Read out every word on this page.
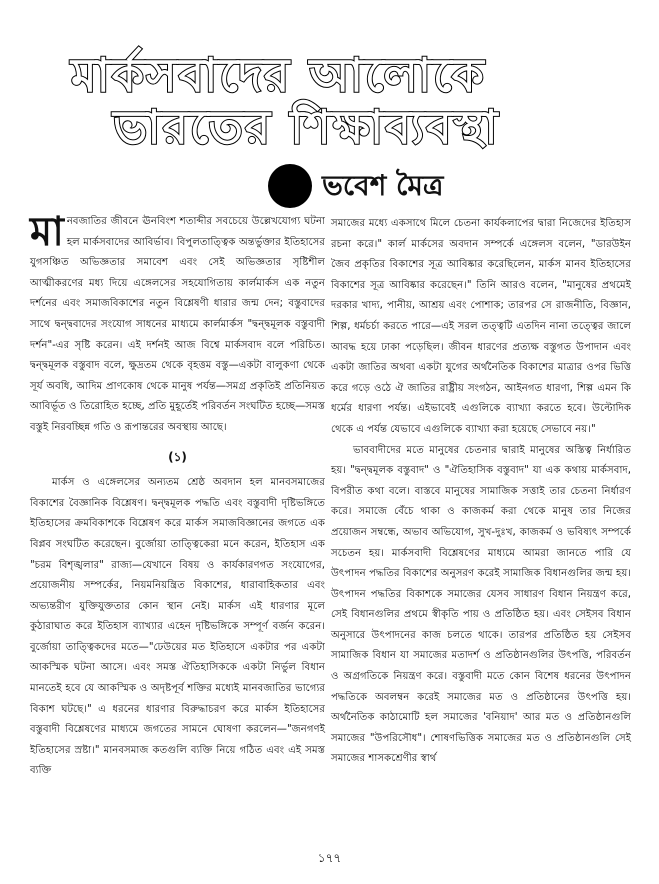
মার্কসবাদের আলোকে
ভারতের শিক্ষাব্যবস্থা
ভবেশ মৈত্র

মানবজাতির জীবনে ঊনবিংশ শতাব্দীর সবচেয়ে উল্লেখযোগ্য ঘটনা হল মার্কসবাদের আবির্ভাব। বিপুলতাত্ত্বিক অন্তর্ভুক্তার ইতিহাসের যুগসঞ্চিত অভিজ্ঞতার সমাবেশ এবং সেই অভিজ্ঞতার সৃষ্টিশীল আত্মীকরণের মধ্য দিয়ে এঙ্গেলসের সহযোগিতায় কার্লমার্কস এক নতুন দর্শনের এবং সমাজবিকাশের নতুন বিশ্লেষণী ধারার জন্ম দেন; বস্তুবাদের সাথে দ্বন্দ্ববাদের সংযোগ সাধনের মাধ্যমে কার্লমার্কস "দ্বন্দ্বমূলক বস্তুবাদী দর্শন"-এর সৃষ্টি করেন। এই দর্শনই আজ বিশ্বে মার্কসবাদ বলে পরিচিত। দ্বন্দ্বমূলক বস্তুবাদ বলে, ক্ষুদ্রতম থেকে বৃহত্তম বস্তু—একটা বালুকণা থেকে সূর্য অবধি, আদিম প্রাণকোষ থেকে মানুষ পর্যন্ত—সমগ্র প্রকৃতিই প্রতিনিয়ত আবির্ভূত ও তিরোহিত হচ্ছে, প্রতি মুহূর্তেই পরিবর্তন সংঘটিত হচ্ছে—সমস্ত বস্তুই নিরবচ্ছিন্ন গতি ও রূপান্তরের অবস্থায় আছে।

(১)

মার্কস ও এঙ্গেলসের অন্যতম শ্রেষ্ঠ অবদান হল মানবসমাজের বিকাশের বৈজ্ঞানিক বিশ্লেষণ। দ্বন্দ্বমূলক পদ্ধতি এবং বস্তুবাদী দৃষ্টিভঙ্গিতে ইতিহাসের ক্রমবিকাশকে বিশ্লেষণ করে মার্কস সমাজবিজ্ঞানের জগতে এক বিপ্লব সংঘটিত করেছেন। বুর্জোয়া তাত্ত্বিকেরা মনে করেন, ইতিহাস এক "চরম বিশৃঙ্খলার" রাজ্য—যেখানে বিষয় ও কার্যকারণগত সংযোগের, প্রয়োজনীয় সম্পর্কের, নিয়মনিয়ন্ত্রিত বিকাশের, ধারাবাহিকতার এবং অভ্যন্তরীণ যুক্তিযুক্ততার কোন স্থান নেই। মার্কস এই ধারণার মূলে কুঠারাঘাত করে ইতিহাস ব্যাখ্যার এহেন দৃষ্টিভঙ্গিকে সম্পূর্ণ বর্জন করেন। বুর্জোয়া তাত্ত্বিকদের মতে—"ঢেউয়ের মত ইতিহাসে একটার পর একটা আকস্মিক ঘটনা আসে। এবং সমস্ত ঐতিহাসিককে একটা নির্ভুল বিধান মানতেই হবে যে আকস্মিক ও অদৃষ্টপূর্ব শক্তির মধ্যেই মানবজাতির ভাগ্যের বিকাশ ঘটছে।" এ ধরনের ধারণার বিরুদ্ধাচরণ করে মার্কস ইতিহাসের বস্তুবাদী বিশ্লেষণের মাধ্যমে জগতের সামনে ঘোষণা করলেন—"জনগণই ইতিহাসের স্রষ্টা।" মানবসমাজ কতগুলি ব্যক্তি নিয়ে গঠিত এবং এই সমস্ত ব্যক্তি

সমাজের মধ্যে একসাথে মিলে চেতনা কার্যকলাপের দ্বারা নিজেদের ইতিহাস রচনা করে।" কার্ল মার্কসের অবদান সম্পর্কে এঙ্গেলস বলেন, "ডারউইন জৈব প্রকৃতির বিকাশের সূত্র আবিষ্কার করেছিলেন, মার্কস মানব ইতিহাসের বিকাশের সূত্র আবিষ্কার করেছেন।" তিনি আরও বলেন, "মানুষের প্রথমেই দরকার খাদ্য, পানীয়, আশ্রয় এবং পোশাক; তারপর সে রাজনীতি, বিজ্ঞান, শিল্প, ধর্মচর্চা করতে পারে—এই সরল তত্ত্বটি এতদিন নানা তত্ত্বের জালে আবদ্ধ হয়ে ঢাকা পড়েছিল। জীবন ধারণের প্রত্যক্ষ বস্তুগত উপাদান এবং একটা জাতির অথবা একটা যুগের অর্থনৈতিক বিকাশের মাত্রার ওপর ভিত্তি করে গড়ে ওঠে ঐ জাতির রাষ্ট্রীয় সংগঠন, আইনগত ধারণা, শিল্প এমন কি ধর্মের ধারণা পর্যন্ত। এইভাবেই এগুলিকে ব্যাখ্যা করতে হবে। উল্টোদিক থেকে এ পর্যন্ত যেভাবে এগুলিকে ব্যাখ্যা করা হয়েছে সেভাবে নয়।"

ভাববাদীদের মতে মানুষের চেতনার দ্বারাই মানুষের অস্তিত্ব নির্ধারিত হয়। "দ্বন্দ্বমূলক বস্তুবাদ" ও "ঐতিহাসিক বস্তুবাদ" যা এক কথায় মার্কসবাদ, বিপরীত কথা বলে। বাস্তবে মানুষের সামাজিক সত্তাই তার চেতনা নির্ধারণ করে। সমাজে বেঁচে থাকা ও কাজকর্ম করা থেকে মানুষ তার নিজের প্রয়োজন সম্বন্ধে, অভাব অভিযোগ, সুখ-দুঃখ, কাজকর্ম ও ভবিষ্যৎ সম্পর্কে সচেতন হয়। মার্কসবাদী বিশ্লেষণের মাধ্যমে আমরা জানতে পারি যে উৎপাদন পদ্ধতির বিকাশের অনুসরণ করেই সামাজিক বিধানগুলির জন্ম হয়। উৎপাদন পদ্ধতির বিকাশকে সমাজের যেসব সাধারণ বিধান নিয়ন্ত্রণ করে, সেই বিধানগুলির প্রথমে স্বীকৃতি পায় ও প্রতিষ্ঠিত হয়। এবং সেইসব বিধান অনুসারে উৎপাদনের কাজ চলতে থাকে। তারপর প্রতিষ্ঠিত হয় সেইসব সামাজিক বিধান যা সমাজের মতাদর্শ ও প্রতিষ্ঠানগুলির উৎপত্তি, পরিবর্তন ও অগ্রগতিকে নিয়ন্ত্রণ করে। বস্তুবাদী মতে কোন বিশেষ ধরনের উৎপাদন পদ্ধতিকে অবলম্বন করেই সমাজের মত ও প্রতিষ্ঠানের উৎপত্তি হয়। অর্থনৈতিক কাঠামোটি হল সমাজের 'বনিয়াদ' আর মত ও প্রতিষ্ঠানগুলি সমাজের "উপরিসৌধ"। শোষণভিত্তিক সমাজের মত ও প্রতিষ্ঠানগুলি সেই সমাজের শাসকশ্রেণীর স্বার্থ

১৭৭
